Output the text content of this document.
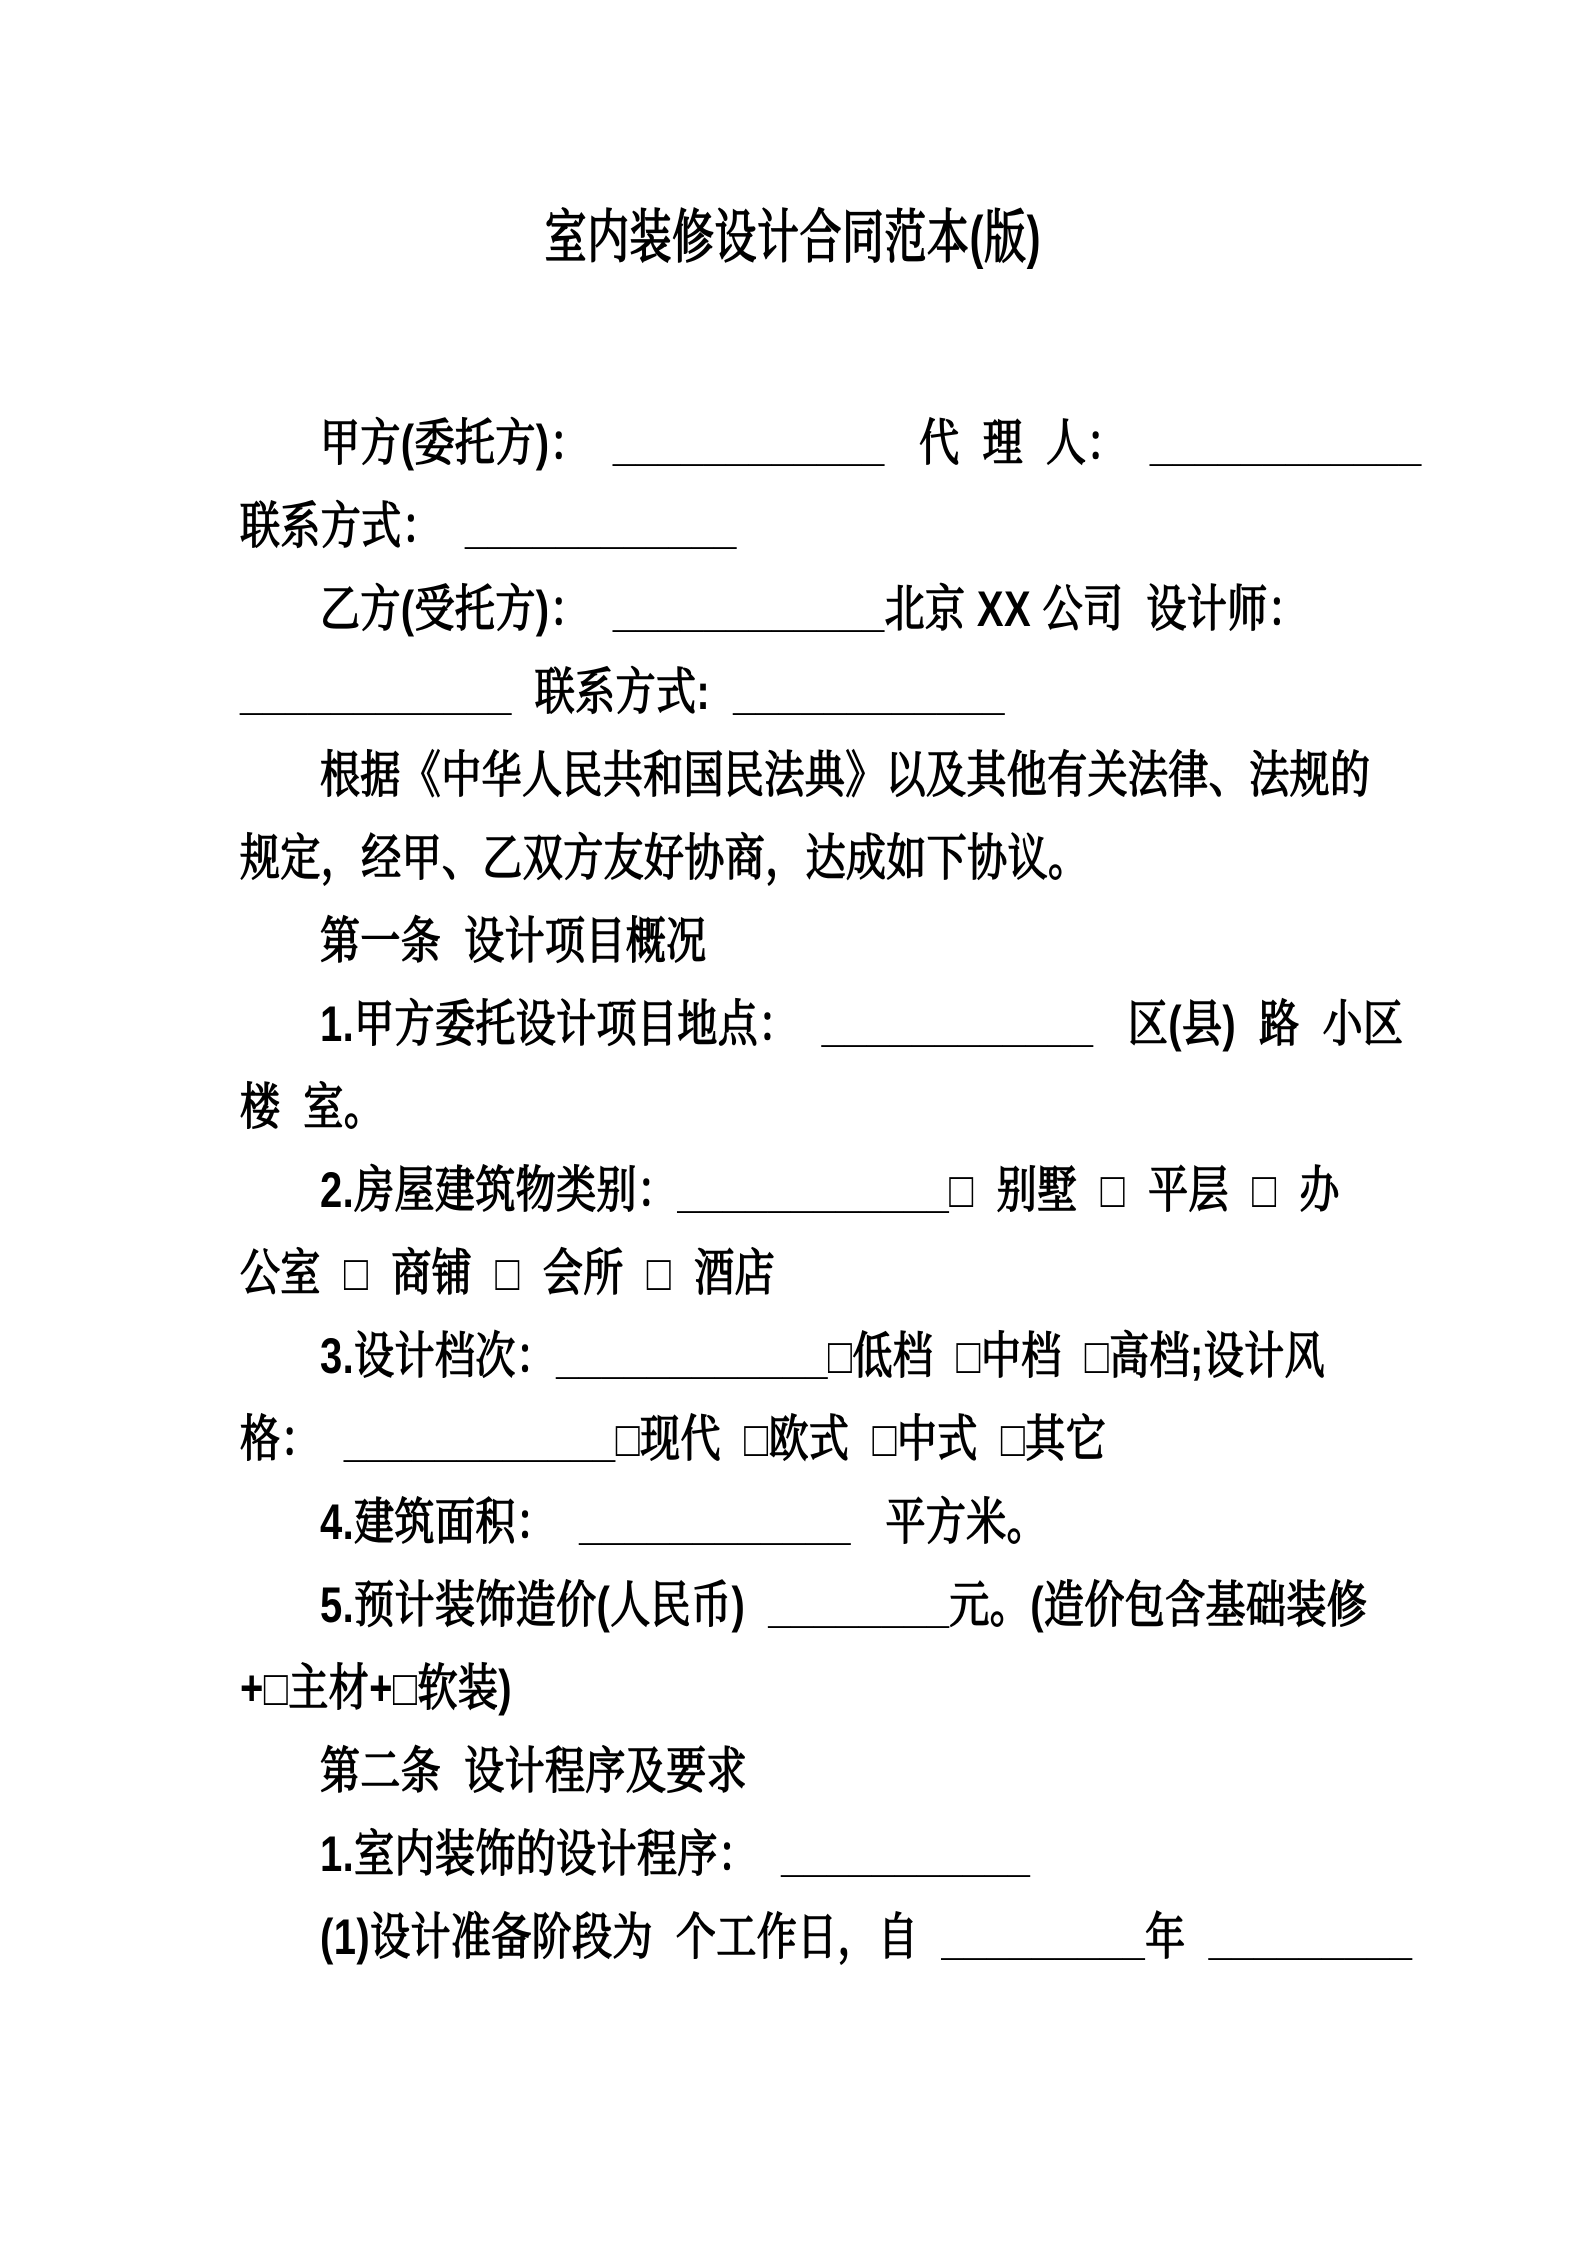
室内装修设计合同范本(版)
甲方(委托方)：  ____________   代  理  人：  ____________
联系方式：  ____________
乙方(受托方)：  ____________北京 XX 公司  设计师：
____________  联系方式:  ____________
根据《中华人民共和国民法典》以及其他有关法律、法规的
规定，经甲、乙双方友好协商，达成如下协议。
第一条  设计项目概况
1.甲方委托设计项目地点：  ____________   区(县)  路  小区
楼  室。
2.房屋建筑物类别：____________□  别墅  □  平层  □  办
公室  □  商铺  □  会所  □  酒店
3.设计档次：____________□低档  □中档  □高档;设计风
格：  ____________□现代  □欧式  □中式  □其它
4.建筑面积：  ____________   平方米。
5.预计装饰造价(人民币)  ________元。(造价包含基础装修
+□主材+□软装)
第二条  设计程序及要求
1.室内装饰的设计程序：  ___________
(1)设计准备阶段为  个工作日，自  _________年  _________
